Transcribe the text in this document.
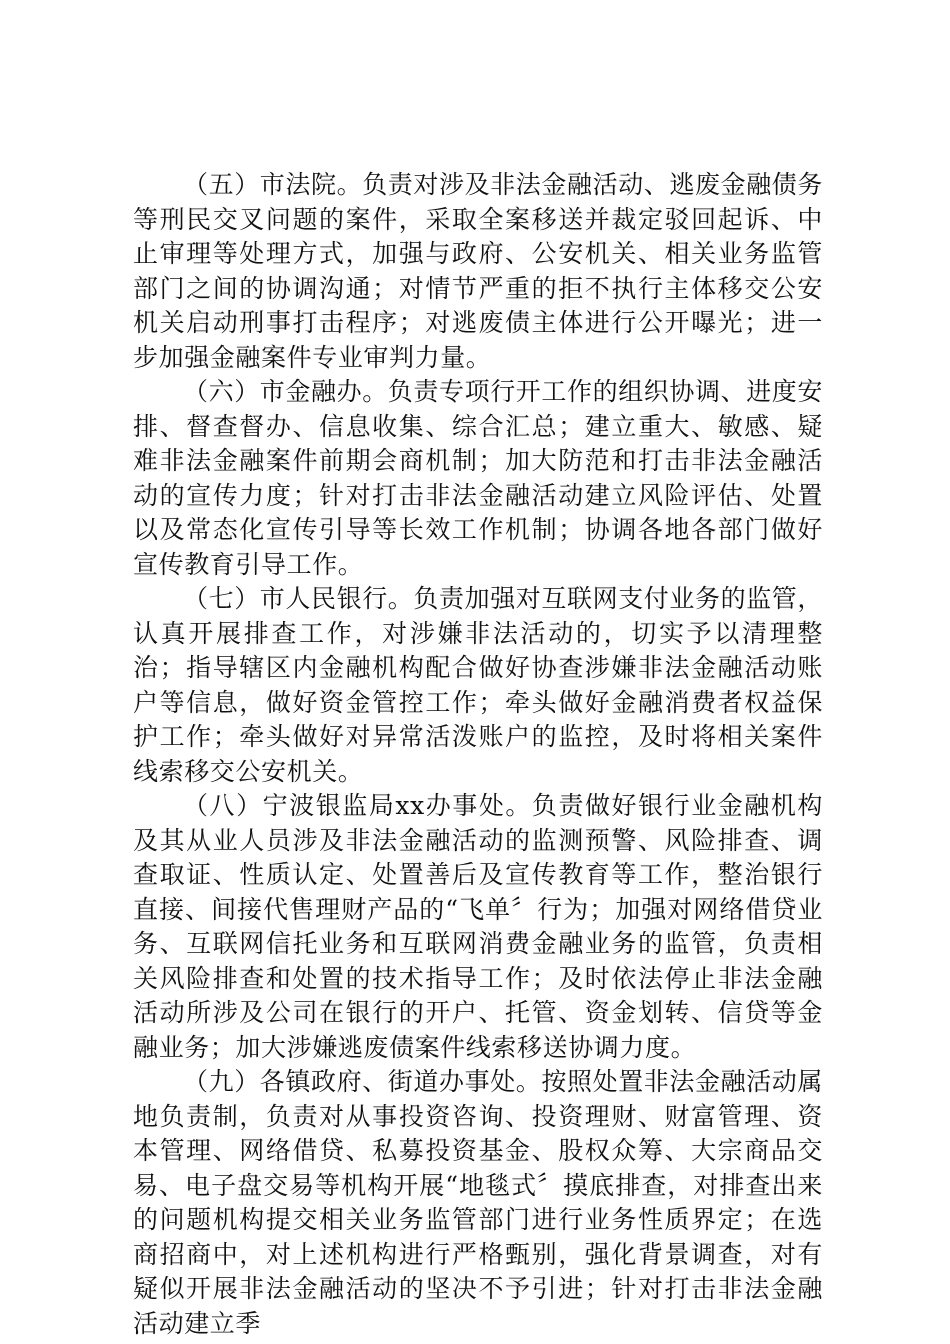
（五）市法院。负责对涉及非法金融活动、逃废金融债务等刑民交叉问题的案件，采取全案移送并裁定驳回起诉、中止审理等处理方式，加强与政府、公安机关、相关业务监管部门之间的协调沟通；对情节严重的拒不执行主体移交公安机关启动刑事打击程序；对逃废债主体进行公开曝光；进一步加强金融案件专业审判力量。

（六）市金融办。负责专项行开工作的组织协调、进度安排、督查督办、信息收集、综合汇总；建立重大、敏感、疑难非法金融案件前期会商机制；加大防范和打击非法金融活动的宣传力度；针对打击非法金融活动建立风险评估、处置以及常态化宣传引导等长效工作机制；协调各地各部门做好宣传教育引导工作。

（七）市人民银行。负责加强对互联网支付业务的监管，认真开展排查工作，对涉嫌非法活动的，切实予以清理整治；指导辖区内金融机构配合做好协查涉嫌非法金融活动账户等信息，做好资金管控工作；牵头做好金融消费者权益保护工作；牵头做好对异常活泼账户的监控，及时将相关案件线索移交公安机关。

（八）宁波银监局xx办事处。负责做好银行业金融机构及其从业人员涉及非法金融活动的监测预警、风险排查、调查取证、性质认定、处置善后及宣传教育等工作，整治银行直接、间接代售理财产品的“飞单〞行为；加强对网络借贷业务、互联网信托业务和互联网消费金融业务的监管，负责相关风险排查和处置的技术指导工作；及时依法停止非法金融活动所涉及公司在银行的开户、托管、资金划转、信贷等金融业务；加大涉嫌逃废债案件线索移送协调力度。

（九）各镇政府、街道办事处。按照处置非法金融活动属地负责制，负责对从事投资咨询、投资理财、财富管理、资本管理、网络借贷、私募投资基金、股权众筹、大宗商品交易、电子盘交易等机构开展“地毯式〞摸底排查，对排查出来的问题机构提交相关业务监管部门进行业务性质界定；在选商招商中，对上述机构进行严格甄别，强化背景调查，对有疑似开展非法金融活动的坚决不予引进；针对打击非法金融活动建立季
